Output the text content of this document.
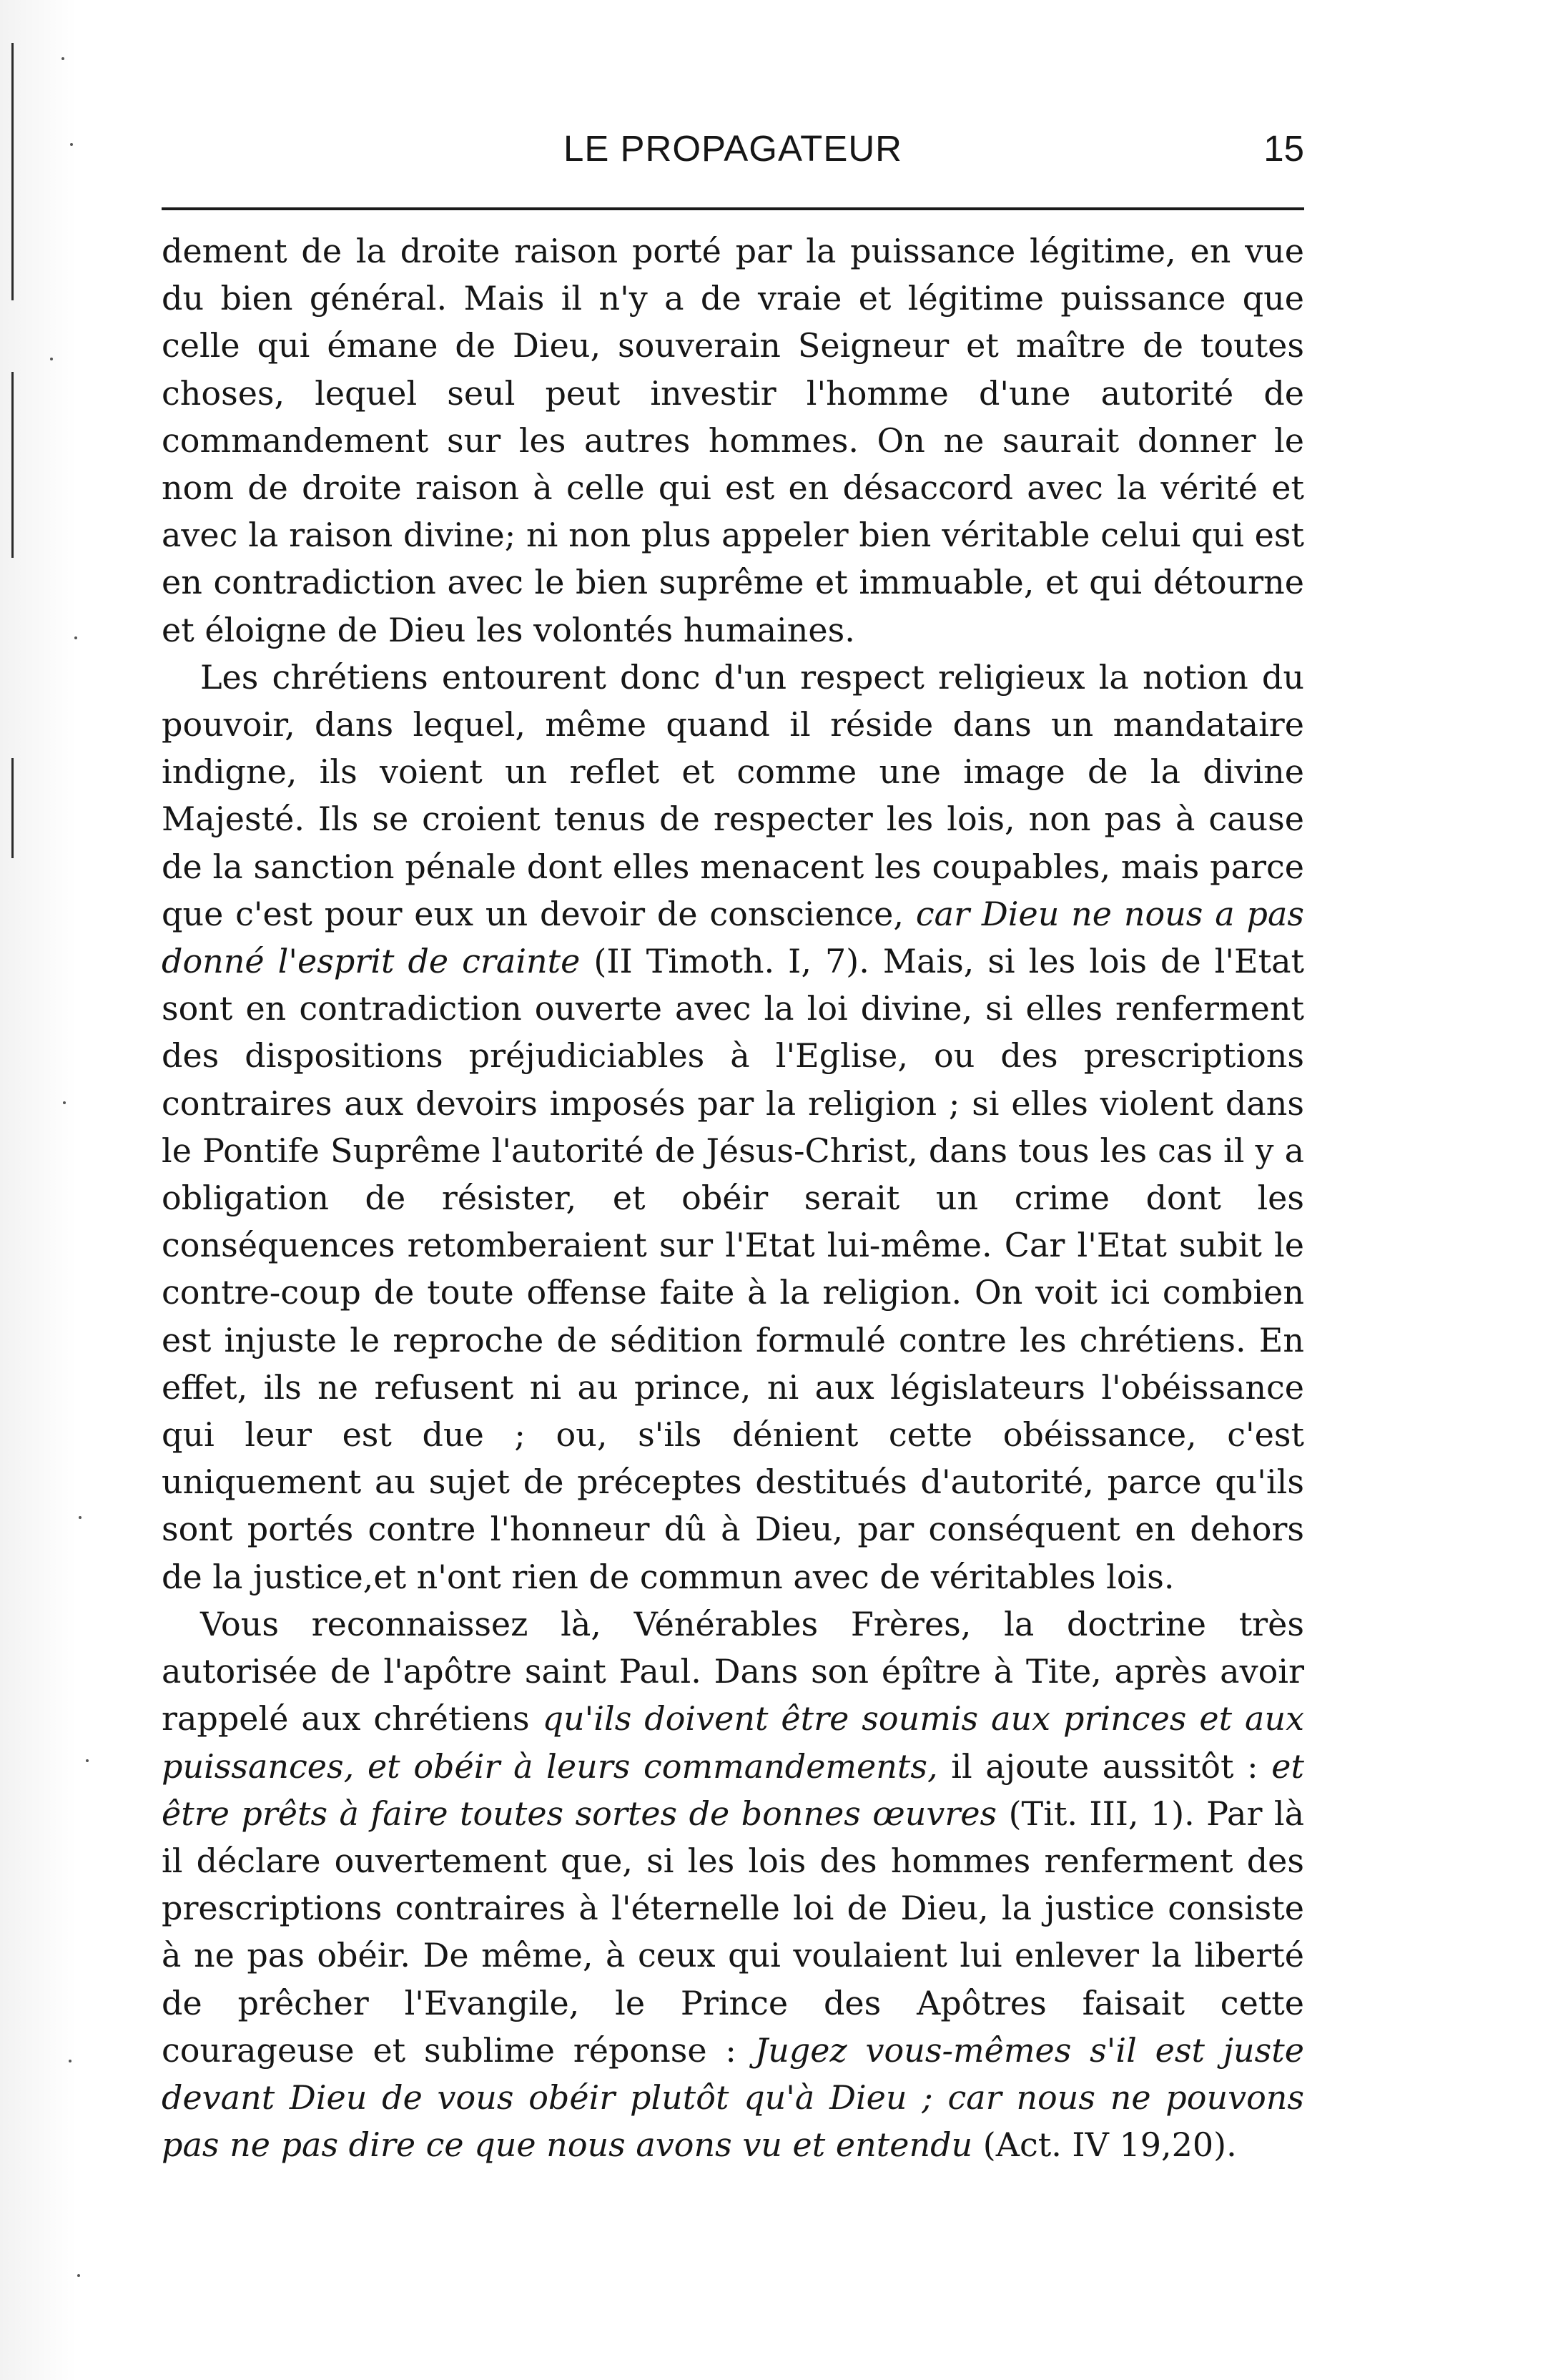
LE PROPAGATEUR	15

dement de la droite raison porté par la puissance légitime, en vue du bien général. Mais il n'y a de vraie et légitime puissance que celle qui émane de Dieu, souverain Seigneur et maître de toutes choses, lequel seul peut investir l'homme d'une autorité de commandement sur les autres hommes. On ne saurait donner le nom de droite raison à celle qui est en désaccord avec la vérité et avec la raison divine; ni non plus appeler bien véritable celui qui est en contradiction avec le bien suprême et immuable, et qui détourne et éloigne de Dieu les volontés humaines.

Les chrétiens entourent donc d'un respect religieux la notion du pouvoir, dans lequel, même quand il réside dans un mandataire indigne, ils voient un reflet et comme une image de la divine Majesté. Ils se croient tenus de respecter les lois, non pas à cause de la sanction pénale dont elles menacent les coupables, mais parce que c'est pour eux un devoir de conscience, car Dieu ne nous a pas donné l'esprit de crainte (II Timoth. I, 7). Mais, si les lois de l'Etat sont en contradiction ouverte avec la loi divine, si elles renferment des dispositions préjudiciables à l'Eglise, ou des prescriptions contraires aux devoirs imposés par la religion ; si elles violent dans le Pontife Suprême l'autorité de Jésus-Christ, dans tous les cas il y a obligation de résister, et obéir serait un crime dont les conséquences retomberaient sur l'Etat lui-même. Car l'Etat subit le contre-coup de toute offense faite à la religion. On voit ici combien est injuste le reproche de sédition formulé contre les chrétiens. En effet, ils ne refusent ni au prince, ni aux législateurs l'obéissance qui leur est due ; ou, s'ils dénient cette obéissance, c'est uniquement au sujet de préceptes destitués d'autorité, parce qu'ils sont portés contre l'honneur dû à Dieu, par conséquent en dehors de la justice,et n'ont rien de commun avec de véritables lois.

Vous reconnaissez là, Vénérables Frères, la doctrine très autorisée de l'apôtre saint Paul. Dans son épître à Tite, après avoir rappelé aux chrétiens qu'ils doivent être soumis aux princes et aux puissances, et obéir à leurs commandements, il ajoute aussitôt : et être prêts à faire toutes sortes de bonnes œuvres (Tit. III, 1). Par là il déclare ouvertement que, si les lois des hommes renferment des prescriptions contraires à l'éternelle loi de Dieu, la justice consiste à ne pas obéir. De même, à ceux qui voulaient lui enlever la liberté de prêcher l'Evangile, le Prince des Apôtres faisait cette courageuse et sublime réponse : Jugez vous-mêmes s'il est juste devant Dieu de vous obéir plutôt qu'à Dieu ; car nous ne pouvons pas ne pas dire ce que nous avons vu et entendu (Act. IV 19,20).
